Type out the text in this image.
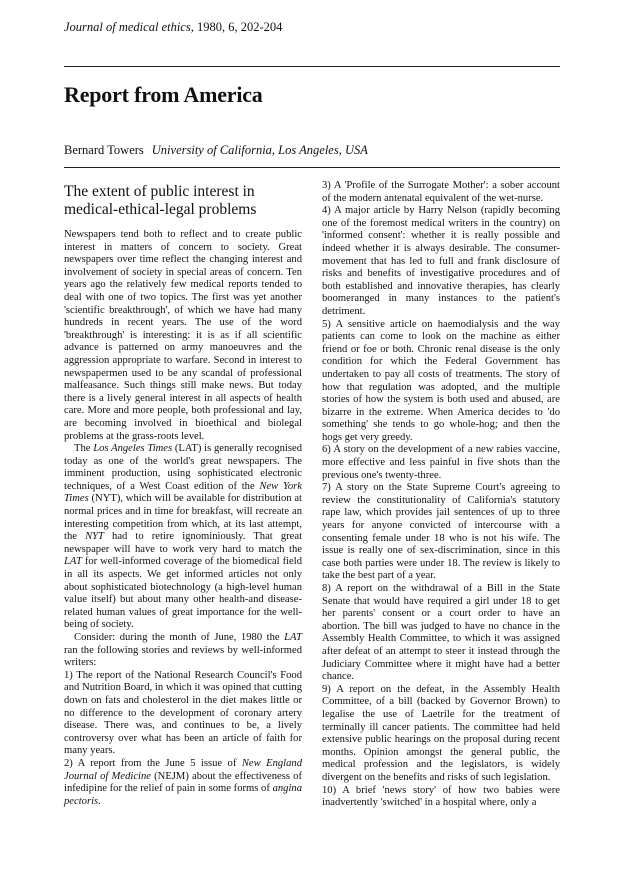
Journal of medical ethics, 1980, 6, 202-204
Report from America
Bernard Towers University of California, Los Angeles, USA
The extent of public interest in medical-ethical-legal problems

Newspapers tend both to reflect and to create public interest in matters of concern to society. Great newspapers over time reflect the changing interest and involvement of society in special areas of concern. Ten years ago the relatively few medical reports tended to deal with one of two topics. The first was yet another 'scientific breakthrough', of which we have had many hundreds in recent years. The use of the word 'breakthrough' is interesting: it is as if all scientific advance is patterned on army manoeuvres and the aggression appropriate to warfare. Second in interest to newspapermen used to be any scandal of professional malfeasance. Such things still make news. But today there is a lively general interest in all aspects of health care. More and more people, both professional and lay, are becoming involved in bioethical and biolegal problems at the grass-roots level.

The Los Angeles Times (LAT) is generally recognised today as one of the world's great newspapers. The imminent production, using sophisticated electronic techniques, of a West Coast edition of the New York Times (NYT), which will be available for distribution at normal prices and in time for breakfast, will recreate an interesting competition from which, at its last attempt, the NYT had to retire ignominiously. That great newspaper will have to work very hard to match the LAT for well-informed coverage of the biomedical field in all its aspects. We get informed articles not only about sophisticated biotechnology (a high-level human value itself) but about many other health-and disease-related human values of great importance for the well-being of society.

Consider: during the month of June, 1980 the LAT ran the following stories and reviews by well-informed writers:

1) The report of the National Research Council's Food and Nutrition Board, in which it was opined that cutting down on fats and cholesterol in the diet makes little or no difference to the development of coronary artery disease. There was, and continues to be, a lively controversy over what has been an article of faith for many years.

2) A report from the June 5 issue of New England Journal of Medicine (NEJM) about the effectiveness of infedipine for the relief of pain in some forms of angina pectoris.

3) A 'Profile of the Surrogate Mother': a sober account of the modern antenatal equivalent of the wet-nurse.

4) A major article by Harry Nelson (rapidly becoming one of the foremost medical writers in the country) on 'informed consent': whether it is really possible and indeed whether it is always desirable. The consumer-movement that has led to full and frank disclosure of risks and benefits of investigative procedures and of both established and innovative therapies, has clearly boomeranged in many instances to the patient's detriment.

5) A sensitive article on haemodialysis and the way patients can come to look on the machine as either friend or foe or both. Chronic renal disease is the only condition for which the Federal Government has undertaken to pay all costs of treatments. The story of how that regulation was adopted, and the multiple stories of how the system is both used and abused, are bizarre in the extreme. When America decides to 'do something' she tends to go whole-hog; and then the hogs get very greedy.

6) A story on the development of a new rabies vaccine, more effective and less painful in five shots than the previous one's twenty-three.

7) A story on the State Supreme Court's agreeing to review the constitutionality of California's statutory rape law, which provides jail sentences of up to three years for anyone convicted of intercourse with a consenting female under 18 who is not his wife. The issue is really one of sex-discrimination, since in this case both parties were under 18. The review is likely to take the best part of a year.

8) A report on the withdrawal of a Bill in the State Senate that would have required a girl under 18 to get her parents' consent or a court order to have an abortion. The bill was judged to have no chance in the Assembly Health Committee, to which it was assigned after defeat of an attempt to steer it instead through the Judiciary Committee where it might have had a better chance.

9) A report on the defeat, in the Assembly Health Committee, of a bill (backed by Governor Brown) to legalise the use of Laetrile for the treatment of terminally ill cancer patients. The committee had held extensive public hearings on the proposal during recent months. Opinion amongst the general public, the medical profession and the legislators, is widely divergent on the benefits and risks of such legislation.

10) A brief 'news story' of how two babies were inadvertently 'switched' in a hospital where, only a
